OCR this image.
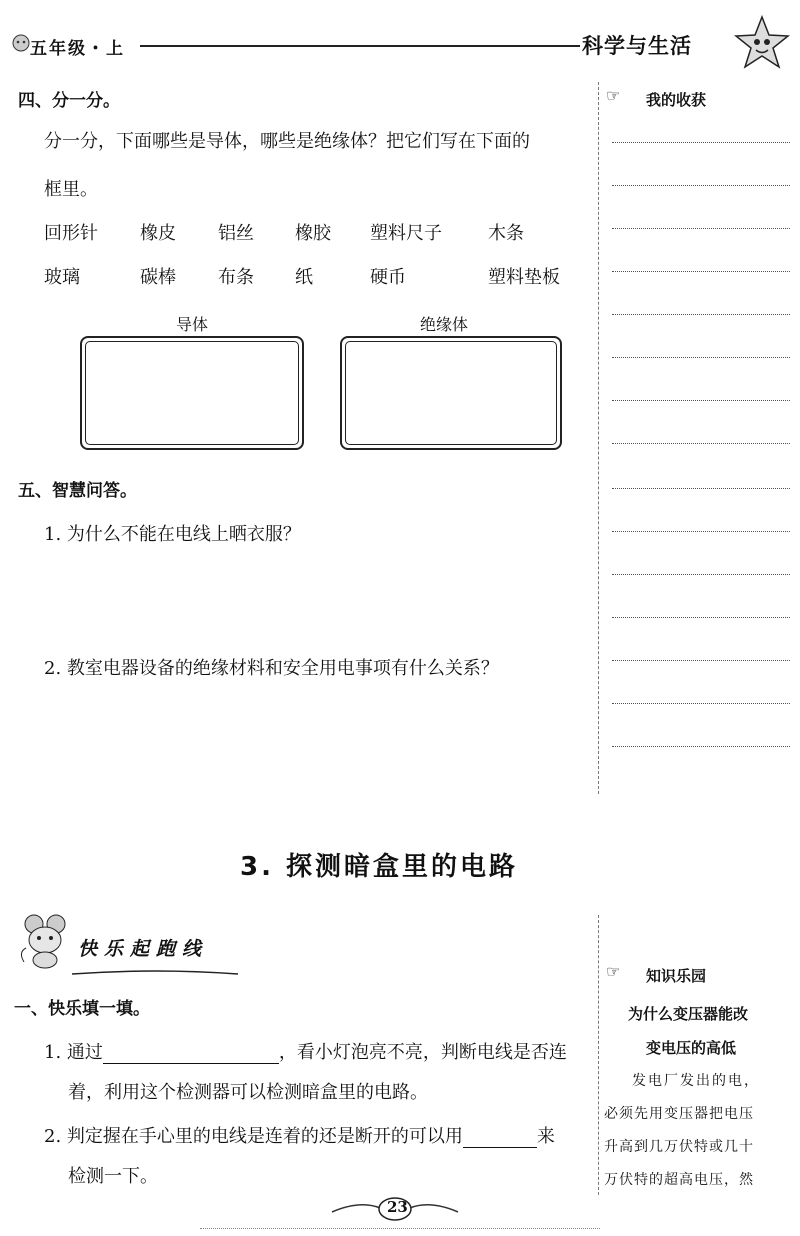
五年级・上	科学与生活
☞ 我的收获
四、分一分。
分一分，下面哪些是导体，哪些是绝缘体？把它们写在下面的
框里。
回形针 橡皮 铝丝 橡胶 塑料尺子	木条
玻璃	碳棒 布条 纸	硬币	塑料垫板
导体	绝缘体
五、智慧问答。
1. 为什么不能在电线上晒衣服？
2. 教室电器设备的绝缘材料和安全用电事项有什么关系？
3. 探测暗盒里的电路
快乐起跑线
一、快乐填一填。
1. 通过	，看小灯泡亮不亮，判断电线是否连
着，利用这个检测器可以检测暗盒里的电路。
2. 判定握在手心里的电线是连着的还是断开的可以用	来
检测一下。
☞ 知识乐园
为什么变压器能改
变电压的高低
发电厂发出的电，
必须先用变压器把电压
升高到几万伏特或几十
万伏特的超高电压，然
23
